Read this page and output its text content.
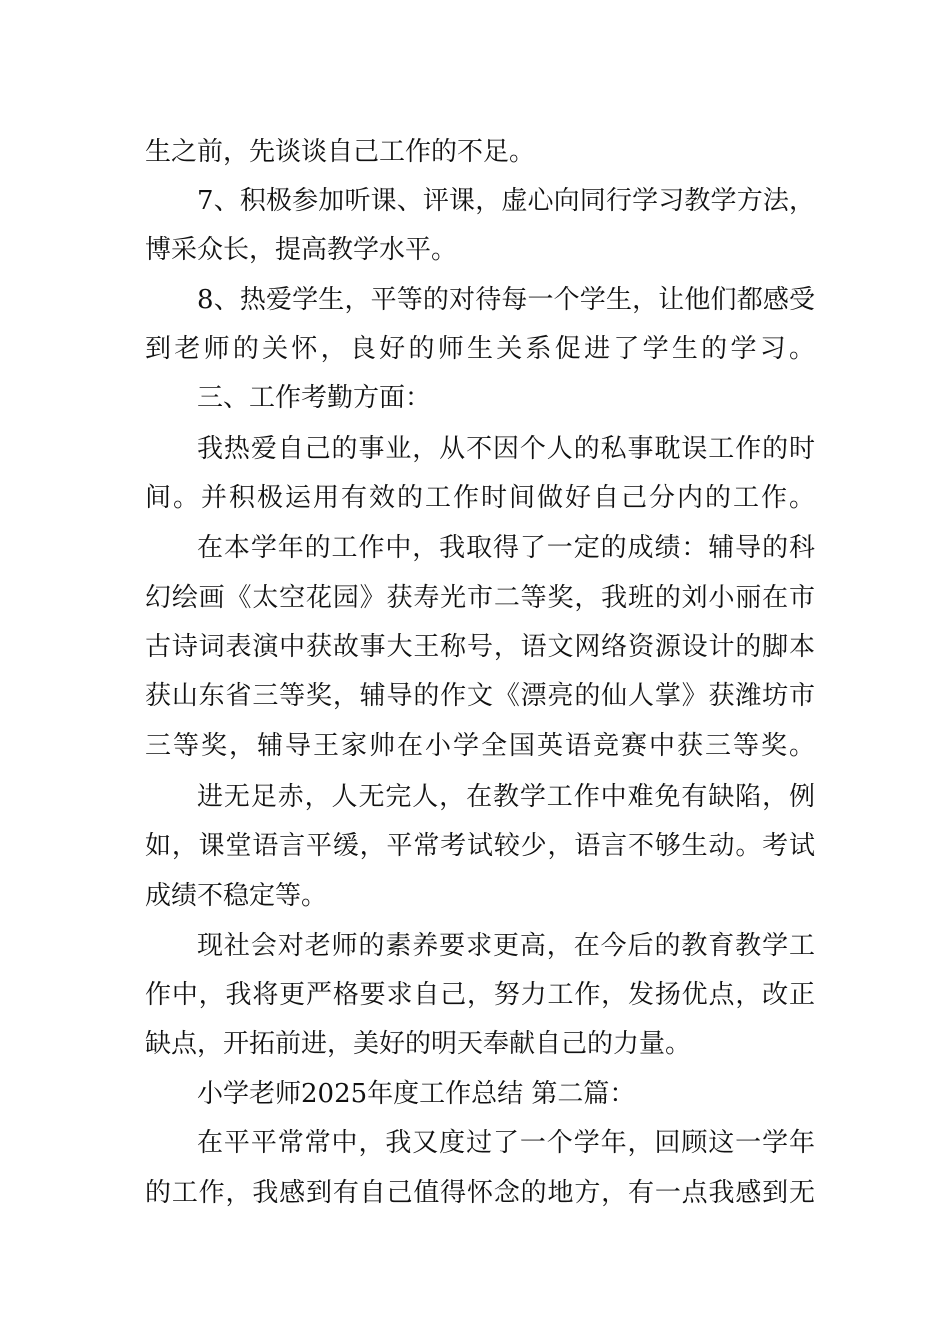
生之前，先谈谈自己工作的不足。
7、积极参加听课、评课，虚心向同行学习教学方法，
博采众长，提高教学水平。
8、热爱学生，平等的对待每一个学生，让他们都感受
到老师的关怀，良好的师生关系促进了学生的学习。
三、工作考勤方面：
我热爱自己的事业，从不因个人的私事耽误工作的时
间。并积极运用有效的工作时间做好自己分内的工作。
在本学年的工作中，我取得了一定的成绩：辅导的科
幻绘画《太空花园》获寿光市二等奖，我班的刘小丽在市
古诗词表演中获故事大王称号，语文网络资源设计的脚本
获山东省三等奖，辅导的作文《漂亮的仙人掌》获潍坊市
三等奖，辅导王家帅在小学全国英语竞赛中获三等奖。
进无足赤，人无完人，在教学工作中难免有缺陷，例
如，课堂语言平缓，平常考试较少，语言不够生动。考试
成绩不稳定等。
现社会对老师的素养要求更高，在今后的教育教学工
作中，我将更严格要求自己，努力工作，发扬优点，改正
缺点，开拓前进，美好的明天奉献自己的力量。
小学老师2025年度工作总结 第二篇：
在平平常常中，我又度过了一个学年，回顾这一学年
的工作，我感到有自己值得怀念的地方，有一点我感到无
